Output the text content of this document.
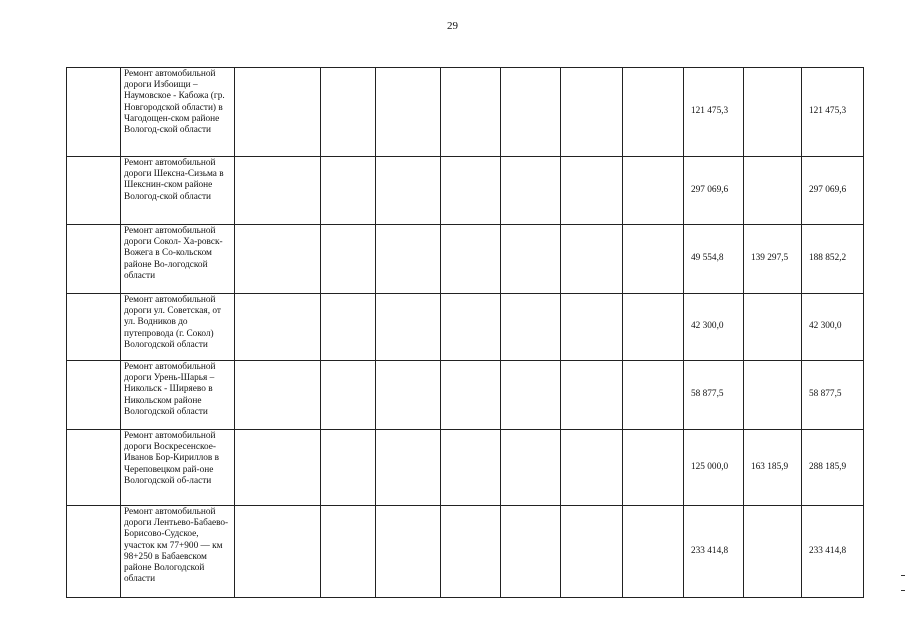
29
	Ремонт автомобильной дороги Избоищи – Наумовское - Кабожа (гр. Новгородской области) в Чагодощен-ском районе Вологод-ской области								121 475,3		121 475,3
	Ремонт автомобильной дороги Шексна-Сизьма в Шекснин-ском районе Вологод-ской области								297 069,6		297 069,6
	Ремонт автомобильной дороги Сокол- Ха-ровск- Вожега в Со-кольском районе Во-логодской области								49 554,8	139 297,5	188 852,2
	Ремонт автомобильной дороги ул. Советская, от ул. Водников до путепровода (г. Сокол) Вологодской области								42 300,0		42 300,0
	Ремонт автомобильной дороги Урень-Шарья – Никольск - Ширяево в Никольском районе Вологодской области								58 877,5		58 877,5
	Ремонт автомобильной дороги Воскресенское-Иванов Бор-Кириллов в Череповецком рай-оне Вологодской об-ласти								125 000,0	163 185,9	288 185,9
	Ремонт автомобильной дороги Лентьево-Бабаево-Борисово-Судское, участок км 77+900 — км 98+250 в Бабаевском районе Вологодской области								233 414,8		233 414,8
